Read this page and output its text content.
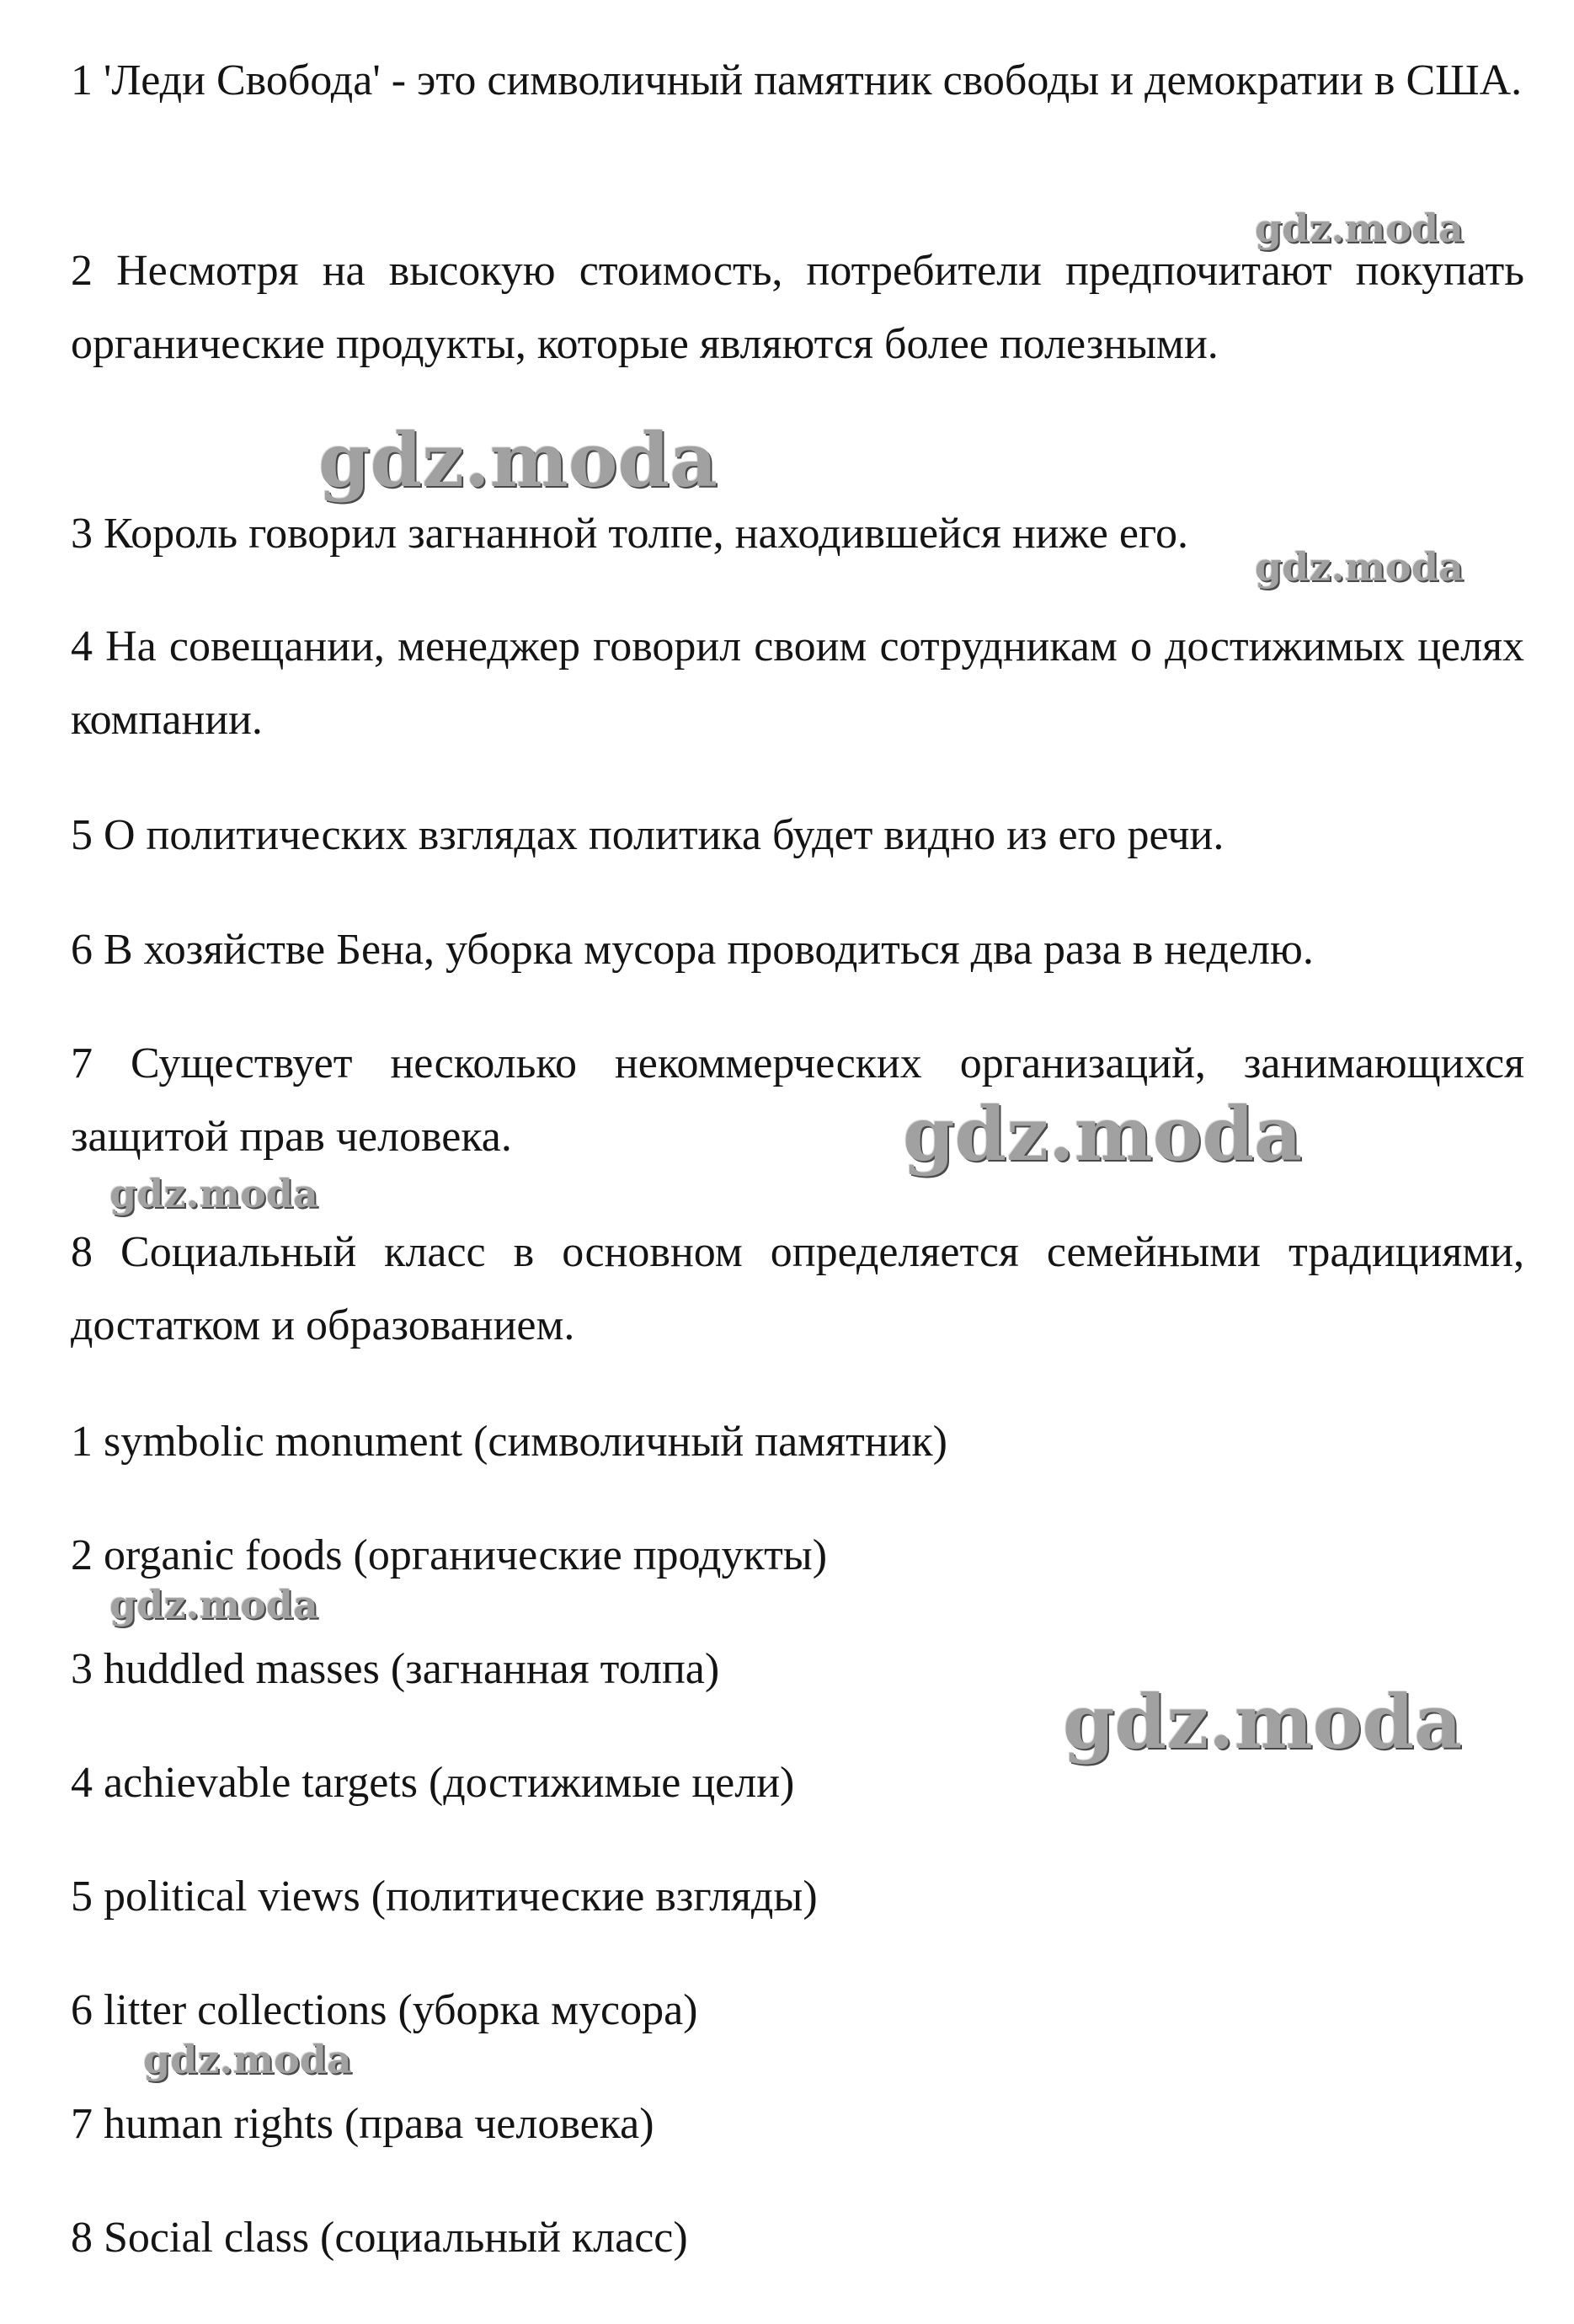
1 'Леди Свобода' - это символичный памятник свободы и демократии в США.

2 Несмотря на высокую стоимость, потребители предпочитают покупать органические продукты, которые являются более полезными.

3 Король говорил загнанной толпе, находившейся ниже его.

4 На совещании, менеджер говорил своим сотрудникам о достижимых целях компании.

5 О политических взглядах политика будет видно из его речи.

6 В хозяйстве Бена, уборка мусора проводиться два раза в неделю.

7 Существует несколько некоммерческих организаций, занимающихся защитой прав человека.

8 Социальный класс в основном определяется семейными традициями, достатком и образованием.

1 symbolic monument (символичный памятник)

2 organic foods (органические продукты)

3 huddled masses (загнанная толпа)

4 achievable targets (достижимые цели)

5 political views (политические взгляды)

6 litter collections (уборка мусора)

7 human rights (права человека)

8 Social class (социальный класс)

gdz.moda
gdz.moda
gdz.moda
gdz.moda
gdz.moda
gdz.moda
gdz.moda
gdz.moda
